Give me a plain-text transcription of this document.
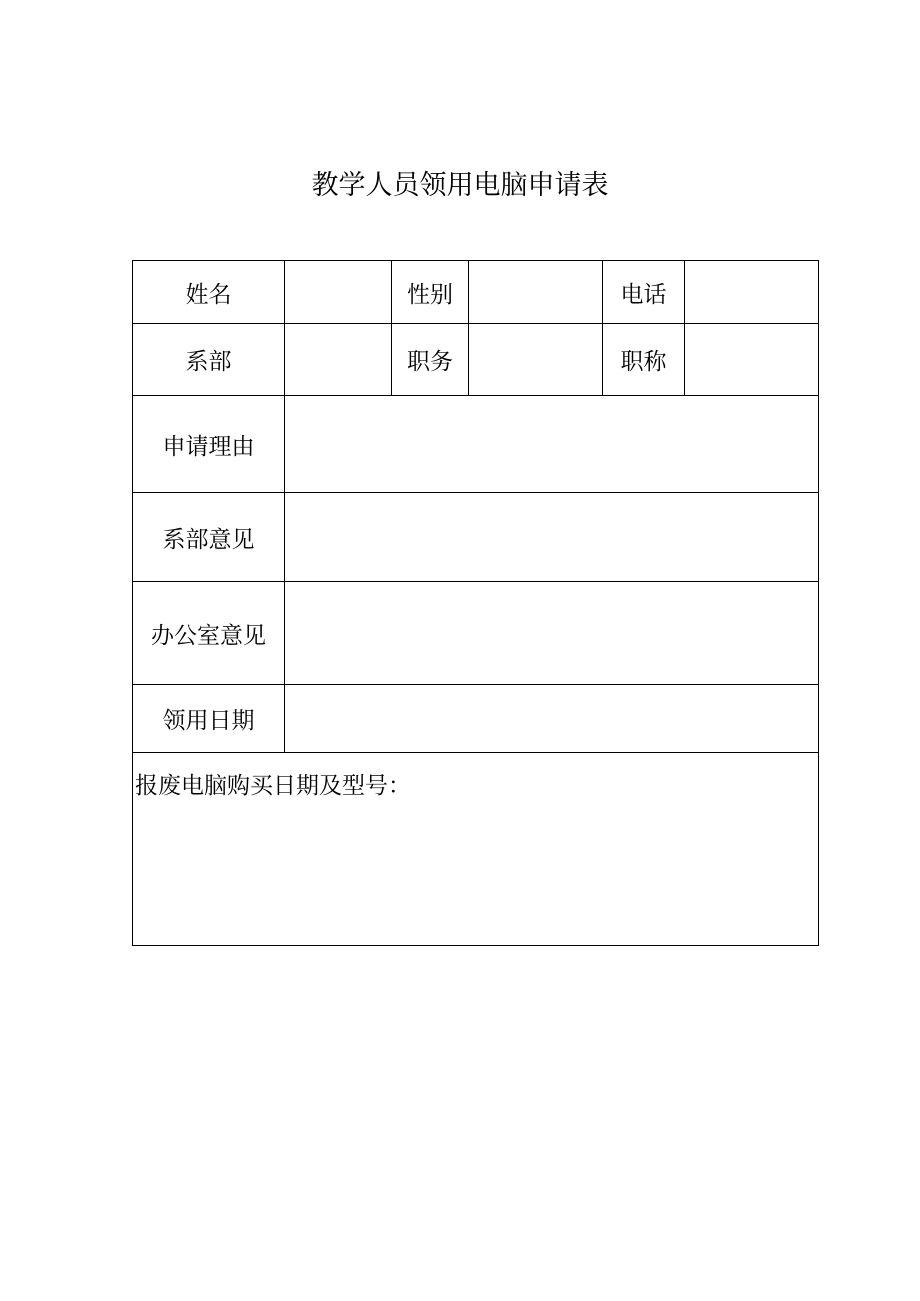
教学人员领用电脑申请表
姓名		性别		电话	
系部		职务		职称	
申请理由					
系部意见					
办公室意见					
领用日期					
报废电脑购买日期及型号：					
